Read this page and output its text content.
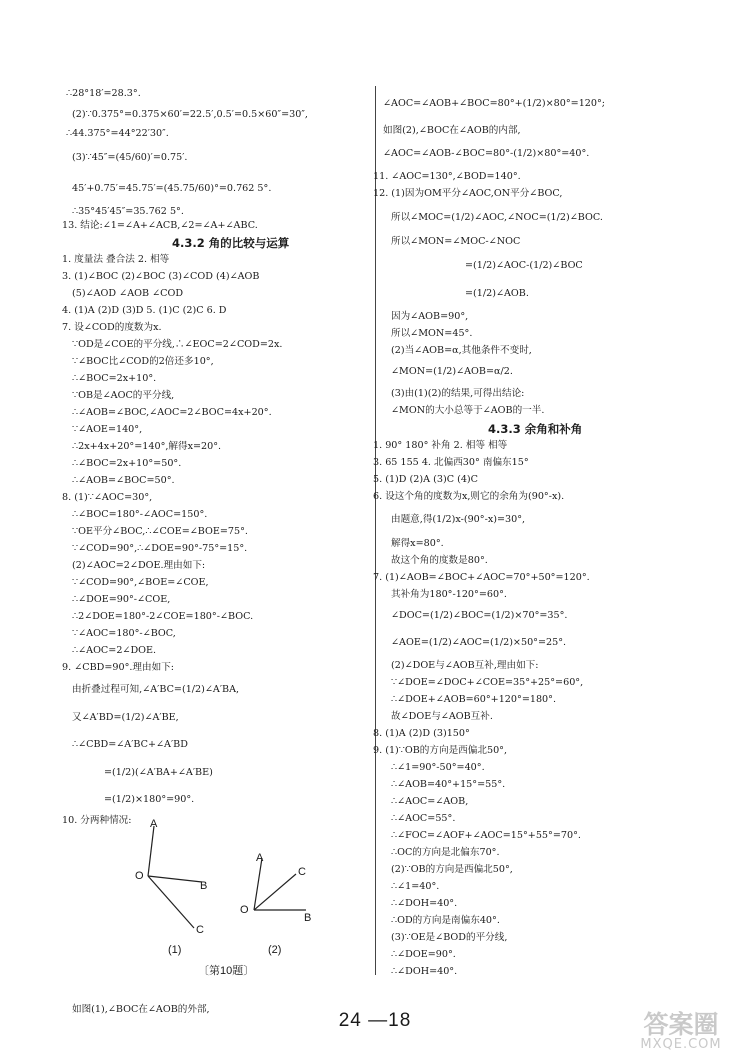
∴28°18′=28.3°.
(2)∵0.375°=0.375×60′=22.5′,0.5′=0.5×60″=30″,
∴44.375°=44°22′30″.
(3)∵45″=(45/60)′=0.75′.
45′+0.75′=45.75′=(45.75/60)°=0.762 5°.
∴35°45′45″=35.762 5°.
13. 结论:∠1=∠A+∠ACB,∠2=∠A+∠ABC.
4.3.2 角的比较与运算
1. 度量法 叠合法 2. 相等
3. (1)∠BOC (2)∠BOC (3)∠COD (4)∠AOB
(5)∠AOD ∠AOB ∠COD
4. (1)A (2)D (3)D 5. (1)C (2)C 6. D
7. 设∠COD的度数为x.
∵OD是∠COE的平分线,∴∠EOC=2∠COD=2x.
∵∠BOC比∠COD的2倍还多10°,
∴∠BOC=2x+10°.
∵OB是∠AOC的平分线,
∴∠AOB=∠BOC,∠AOC=2∠BOC=4x+20°.
∵∠AOE=140°,
∴2x+4x+20°=140°,解得x=20°.
∴∠BOC=2x+10°=50°.
∴∠AOB=∠BOC=50°.
8. (1)∵∠AOC=30°,
∴∠BOC=180°-∠AOC=150°.
∵OE平分∠BOC,∴∠COE=∠BOE=75°.
∵∠COD=90°,∴∠DOE=90°-75°=15°.
(2)∠AOC=2∠DOE.理由如下:
∵∠COD=90°,∠BOE=∠COE,
∴∠DOE=90°-∠COE,
∴2∠DOE=180°-2∠COE=180°-∠BOC.
∵∠AOC=180°-∠BOC,
∴∠AOC=2∠DOE.
9. ∠CBD=90°.理由如下:
由折叠过程可知,∠A′BC=(1/2)∠A′BA,
又∠A′BD=(1/2)∠A′BE,
∴∠CBD=∠A′BC+∠A′BD
=(1/2)(∠A′BA+∠A′BE)
=(1/2)×180°=90°.
10. 分两种情况:
如图(1),∠BOC在∠AOB的外部,
∠AOC=∠AOB+∠BOC=80°+(1/2)×80°=120°;
如图(2),∠BOC在∠AOB的内部,
∠AOC=∠AOB-∠BOC=80°-(1/2)×80°=40°.
11. ∠AOC=130°,∠BOD=140°.
12. (1)因为OM平分∠AOC,ON平分∠BOC,
所以∠MOC=(1/2)∠AOC,∠NOC=(1/2)∠BOC.
所以∠MON=∠MOC-∠NOC
=(1/2)∠AOC-(1/2)∠BOC
=(1/2)∠AOB.
因为∠AOB=90°,
所以∠MON=45°.
(2)当∠AOB=α,其他条件不变时,
∠MON=(1/2)∠AOB=α/2.
(3)由(1)(2)的结果,可得出结论:
∠MON的大小总等于∠AOB的一半.
4.3.3 余角和补角
1. 90° 180° 补角 2. 相等 相等
3. 65 155 4. 北偏西30° 南偏东15°
5. (1)D (2)A (3)C (4)C
6. 设这个角的度数为x,则它的余角为(90°-x).
由题意,得(1/2)x-(90°-x)=30°,
解得x=80°.
故这个角的度数是80°.
7. (1)∠AOB=∠BOC+∠AOC=70°+50°=120°.
其补角为180°-120°=60°.
∠DOC=(1/2)∠BOC=(1/2)×70°=35°.
∠AOE=(1/2)∠AOC=(1/2)×50°=25°.
(2)∠DOE与∠AOB互补,理由如下:
∵∠DOE=∠DOC+∠COE=35°+25°=60°,
∴∠DOE+∠AOB=60°+120°=180°.
故∠DOE与∠AOB互补.
8. (1)A (2)D (3)150°
9. (1)∵OB的方向是西偏北50°,
∴∠1=90°-50°=40°.
∴∠AOB=40°+15°=55°.
∴∠AOC=∠AOB,
∴∠AOC=55°.
∴∠FOC=∠AOF+∠AOC=15°+55°=70°.
∴OC的方向是北偏东70°.
(2)∵OB的方向是西偏北50°,
∴∠1=40°.
∴∠DOH=40°.
∴OD的方向是南偏东40°.
(3)∵OE是∠BOD的平分线,
∴∠DOE=90°.
∴∠DOH=40°.
A
O
B
C
A
O
C
B
(1)	(2)
〔第10题〕
24 —18	答案圈
MXQE.COM
